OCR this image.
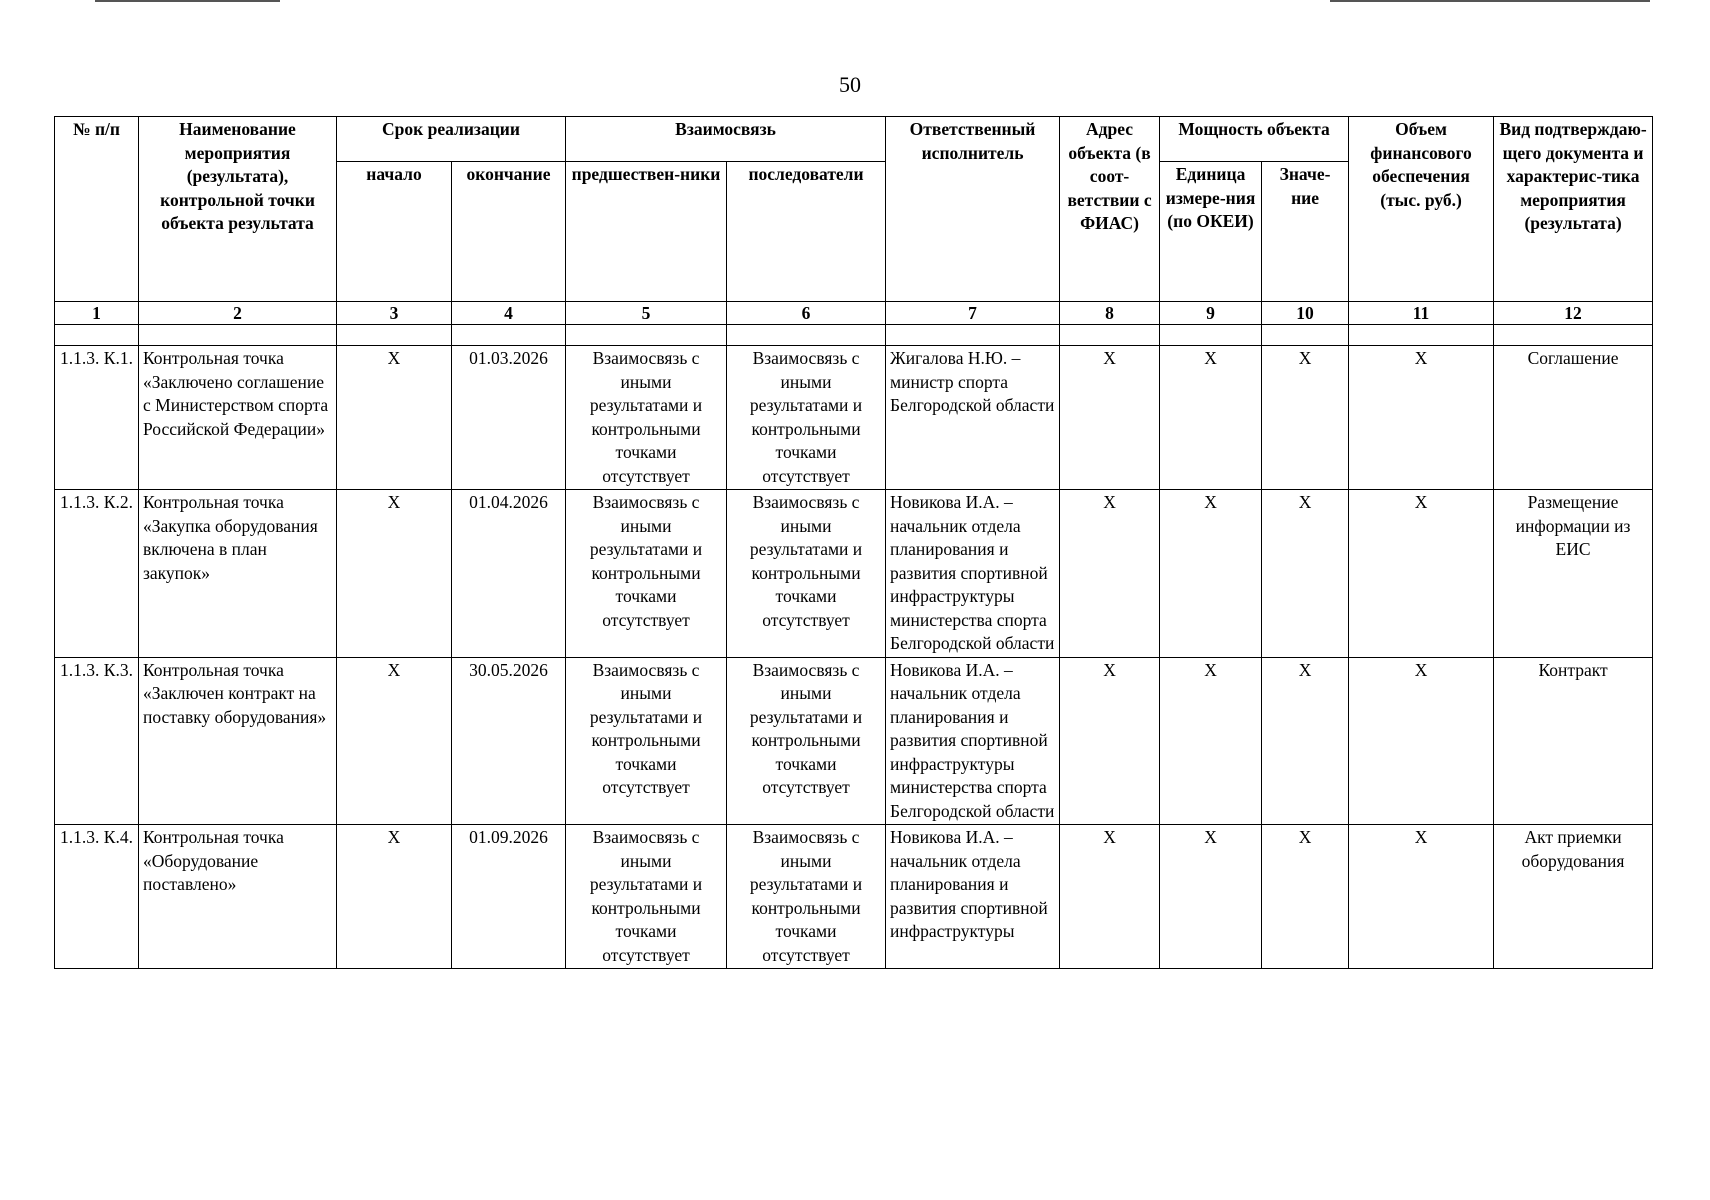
50
№ п/п	Наименование мероприятия (результата), контрольной точки объекта результата	Срок реализации		Взаимосвязь		Ответственный исполнитель	Адрес объекта (в соот-ветствии с ФИАС)	Мощность объекта		Объем финансового обеспечения (тыс. руб.)	Вид подтверждаю-щего документа и характерис-тика мероприятия (результата)
		начало	окончание	предшествен-ники	последователи			Единица измере-ния (по ОКЕИ)	Значе-ние		
1	2	3	4	5	6	7	8	9	10	11	12

1.1.3. К.1.	Контрольная точка «Заключено соглашение с Министерством спорта Российской Федерации»	Х	01.03.2026	Взаимосвязь с иными результатами и контрольными точками отсутствует	Взаимосвязь с иными результатами и контрольными точками отсутствует	Жигалова Н.Ю. – министр спорта Белгородской области	Х	Х	Х	Х	Соглашение
1.1.3. К.2.	Контрольная точка «Закупка оборудования включена в план закупок»	Х	01.04.2026	Взаимосвязь с иными результатами и контрольными точками отсутствует	Взаимосвязь с иными результатами и контрольными точками отсутствует	Новикова И.А. – начальник отдела планирования и развития спортивной инфраструктуры министерства спорта Белгородской области	Х	Х	Х	Х	Размещение информации из ЕИС
1.1.3. К.3.	Контрольная точка «Заключен контракт на поставку оборудования»	Х	30.05.2026	Взаимосвязь с иными результатами и контрольными точками отсутствует	Взаимосвязь с иными результатами и контрольными точками отсутствует	Новикова И.А. – начальник отдела планирования и развития спортивной инфраструктуры министерства спорта Белгородской области	Х	Х	Х	Х	Контракт
1.1.3. К.4.	Контрольная точка «Оборудование поставлено»	Х	01.09.2026	Взаимосвязь с иными результатами и контрольными точками отсутствует	Взаимосвязь с иными результатами и контрольными точками отсутствует	Новикова И.А. – начальник отдела планирования и развития спортивной инфраструктуры	Х	Х	Х	Х	Акт приемки оборудования
